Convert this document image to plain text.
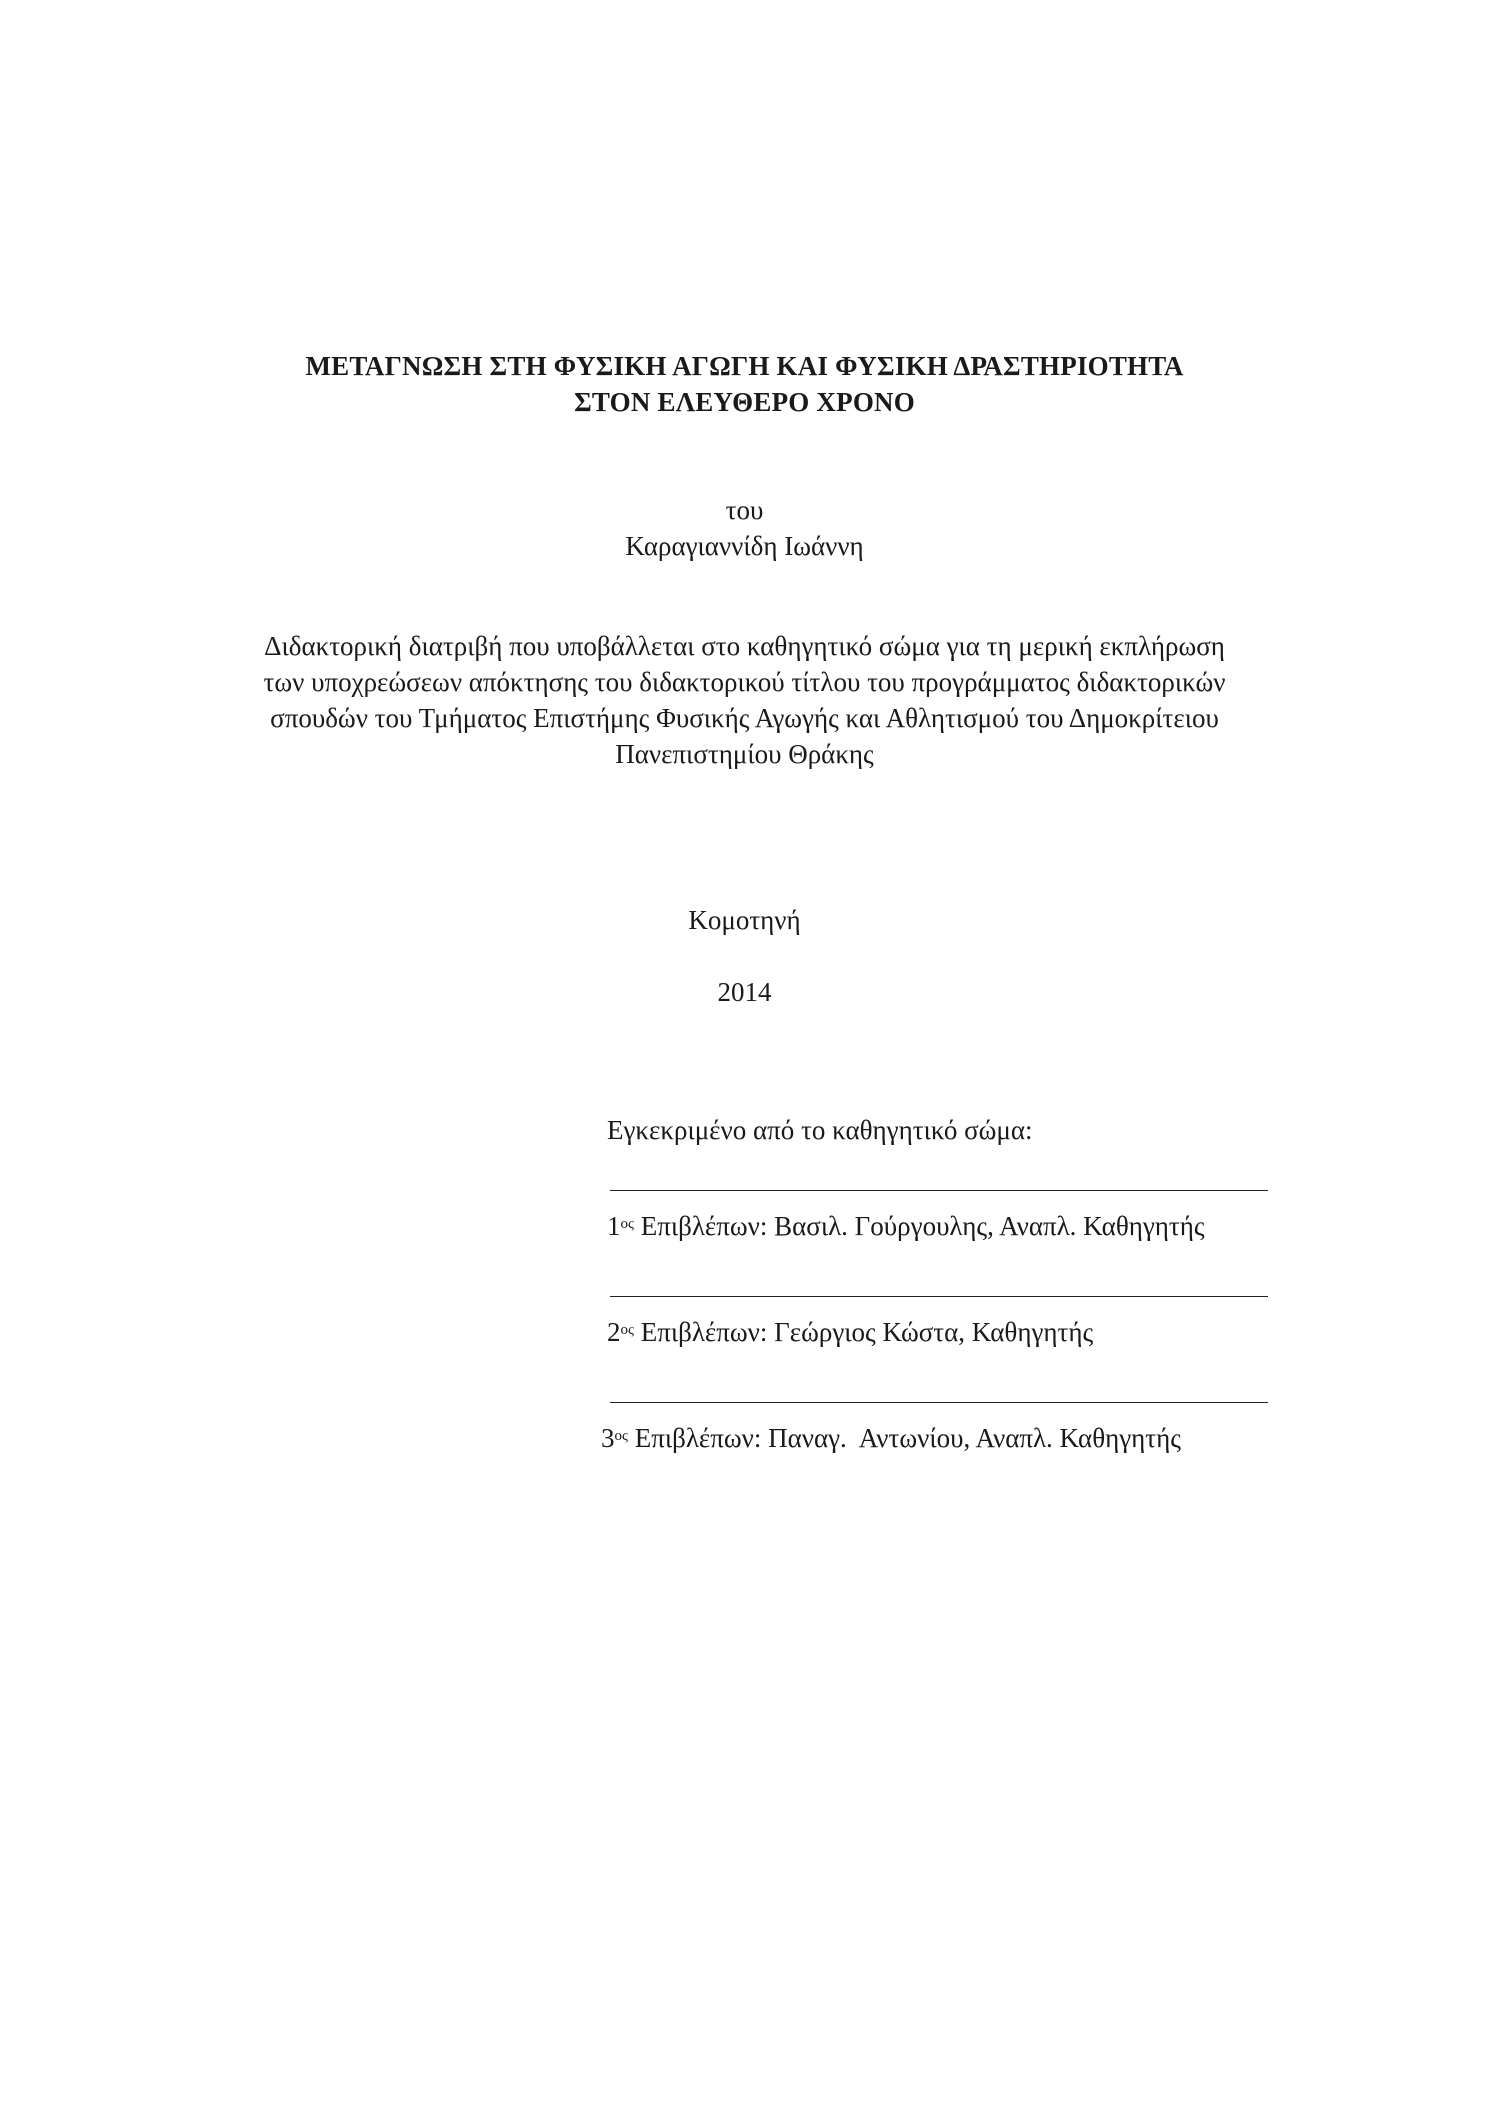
ΜΕΤΑΓΝΩΣΗ ΣΤΗ ΦΥΣΙΚΗ ΑΓΩΓΗ ΚΑΙ ΦΥΣΙΚΗ ΔΡΑΣΤΗΡΙΟΤΗΤΑ
ΣΤΟΝ ΕΛΕΥΘΕΡΟ ΧΡΟΝΟ
του
Καραγιαννίδη Ιωάννη
Διδακτορική διατριβή που υποβάλλεται στο καθηγητικό σώμα για τη μερική εκπλήρωση
των υποχρεώσεων απόκτησης του διδακτορικού τίτλου του προγράμματος διδακτορικών
σπουδών του Τμήματος Επιστήμης Φυσικής Αγωγής και Αθλητισμού του Δημοκρίτειου
Πανεπιστημίου Θράκης
Κομοτηνή
2014
Εγκεκριμένο από το καθηγητικό σώμα:
$1^{o\varsigma}$ Επιβλέπων: Βασιλ. Γούργουλης, Αναπλ. Καθηγητής
$2^{o\varsigma}$ Επιβλέπων: Γεώργιος Κώστα, Καθηγητής
$3^{o\varsigma}$ Επιβλέπων: Παναγ.  Αντωνίου, Αναπλ. Καθηγητής
